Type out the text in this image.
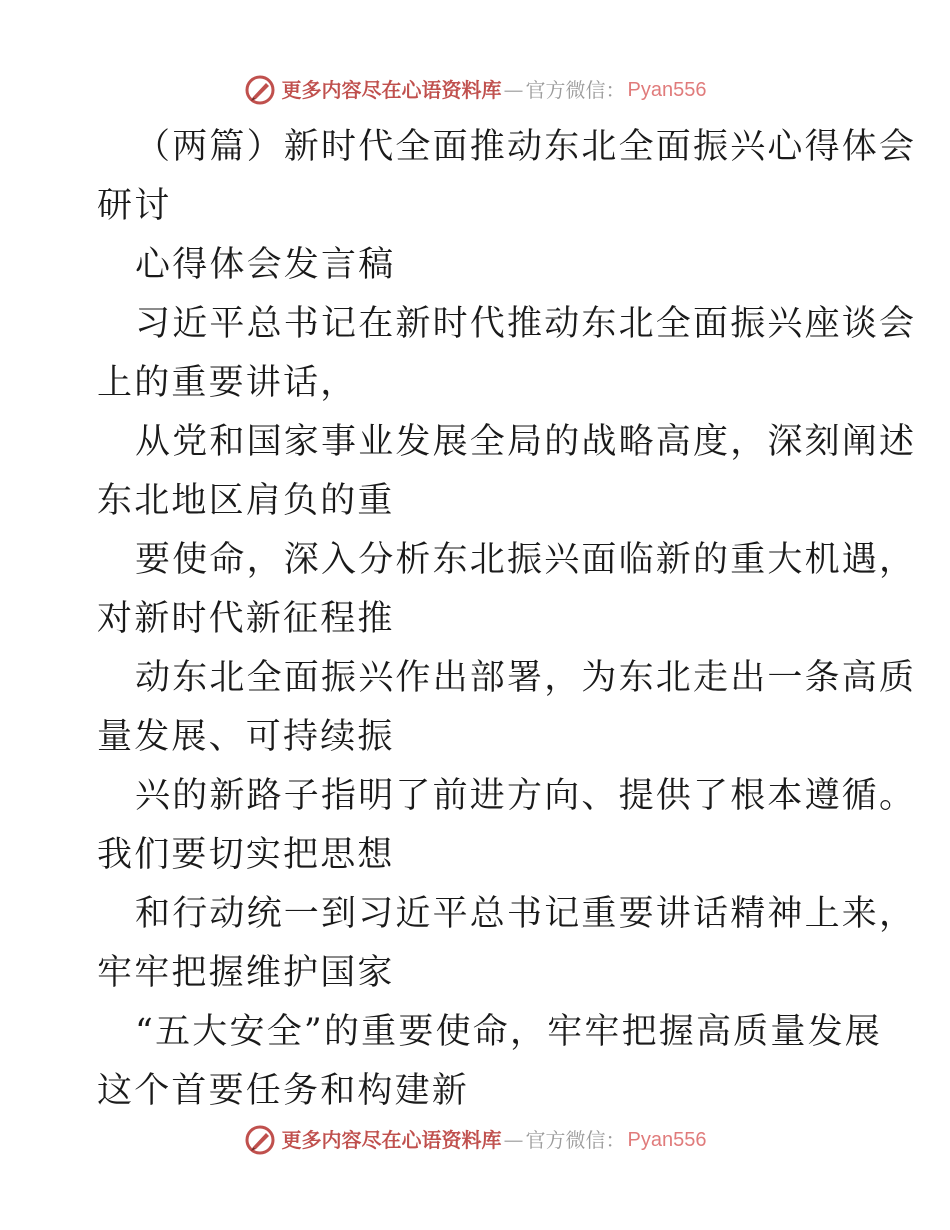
更多内容尽在心语资料库 — 官方微信： Pyan556

（两篇）新时代全面推动东北全面振兴心得体会
研讨

心得体会发言稿

习近平总书记在新时代推动东北全面振兴座谈会
上的重要讲话，

从党和国家事业发展全局的战略高度，深刻阐述
东北地区肩负的重

要使命，深入分析东北振兴面临新的重大机遇，
对新时代新征程推

动东北全面振兴作出部署，为东北走出一条高质
量发展、可持续振

兴的新路子指明了前进方向、提供了根本遵循。
我们要切实把思想

和行动统一到习近平总书记重要讲话精神上来，
牢牢把握维护国家

“五大安全”的重要使命，牢牢把握高质量发展
这个首要任务和构建新

更多内容尽在心语资料库 — 官方微信： Pyan556
